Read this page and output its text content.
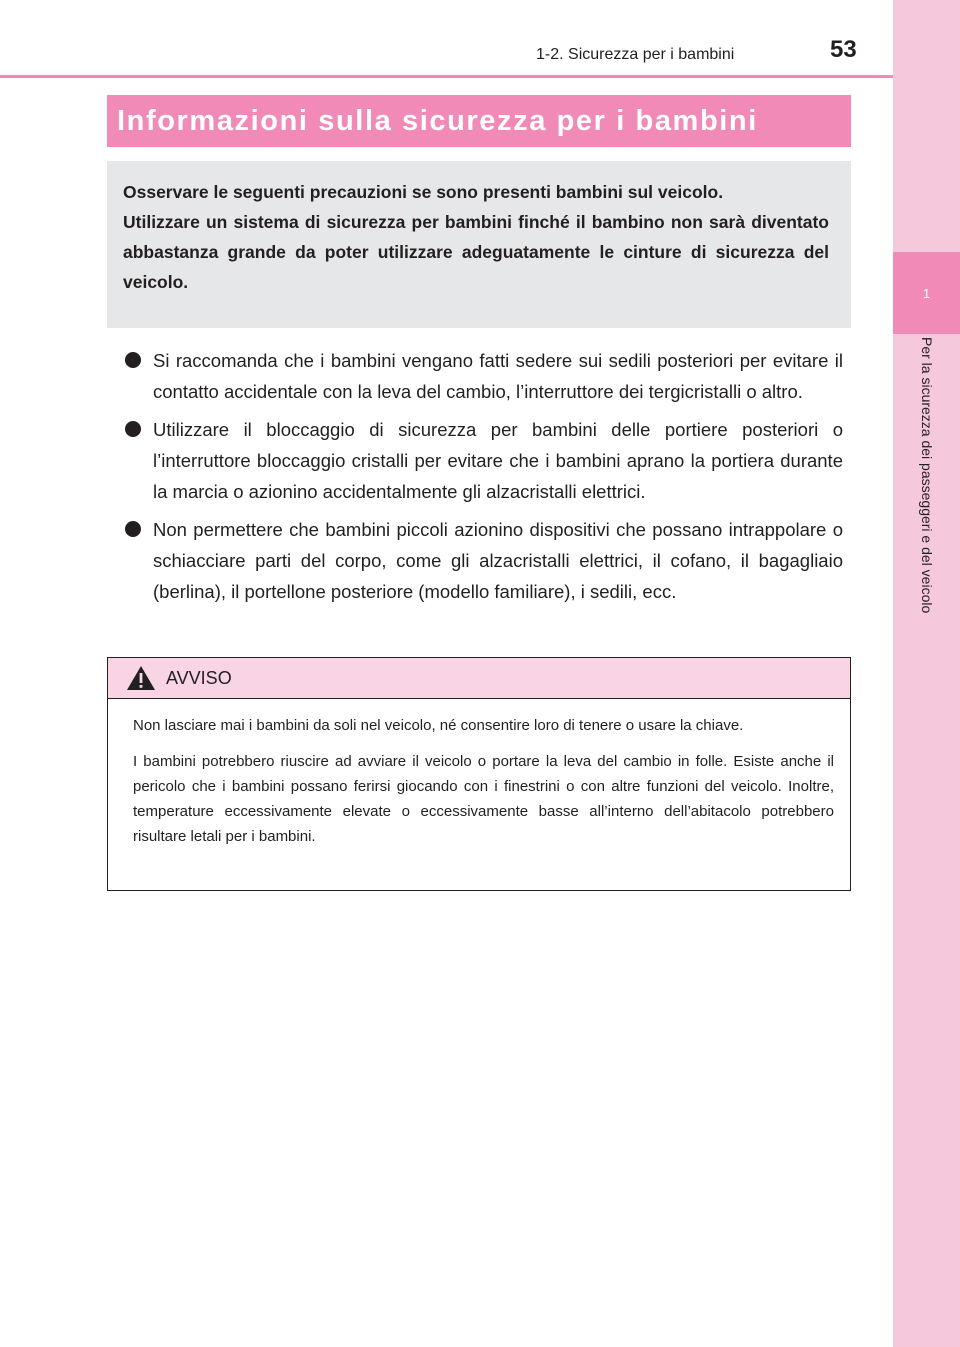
1
Per la sicurezza dei passeggeri e del veicolo
1-2. Sicurezza per i bambini	53
Informazioni sulla sicurezza per i bambini

Osservare le seguenti precauzioni se sono presenti bambini sul veicolo.

Utilizzare un sistema di sicurezza per bambini finché il bambino non sarà diventato abbastanza grande da poter utilizzare adeguatamente le cinture di sicurezza del veicolo.

Si raccomanda che i bambini vengano fatti sedere sui sedili posteriori per evitare il contatto accidentale con la leva del cambio, l’interruttore dei tergicristalli o altro.
Utilizzare il bloccaggio di sicurezza per bambini delle portiere posteriori o l’interruttore bloccaggio cristalli per evitare che i bambini aprano la portiera durante la marcia o azionino accidentalmente gli alzacristalli elettrici.
Non permettere che bambini piccoli azionino dispositivi che possano intrappolare o schiacciare parti del corpo, come gli alzacristalli elettrici, il cofano, il bagagliaio (berlina), il portellone posteriore (modello familiare), i sedili, ecc.
AVVISO

Non lasciare mai i bambini da soli nel veicolo, né consentire loro di tenere o usare la chiave.

I bambini potrebbero riuscire ad avviare il veicolo o portare la leva del cambio in folle. Esiste anche il pericolo che i bambini possano ferirsi giocando con i finestrini o con altre funzioni del veicolo. Inoltre, temperature eccessivamente elevate o eccessivamente basse all’interno dell’abitacolo potrebbero risultare letali per i bambini.
